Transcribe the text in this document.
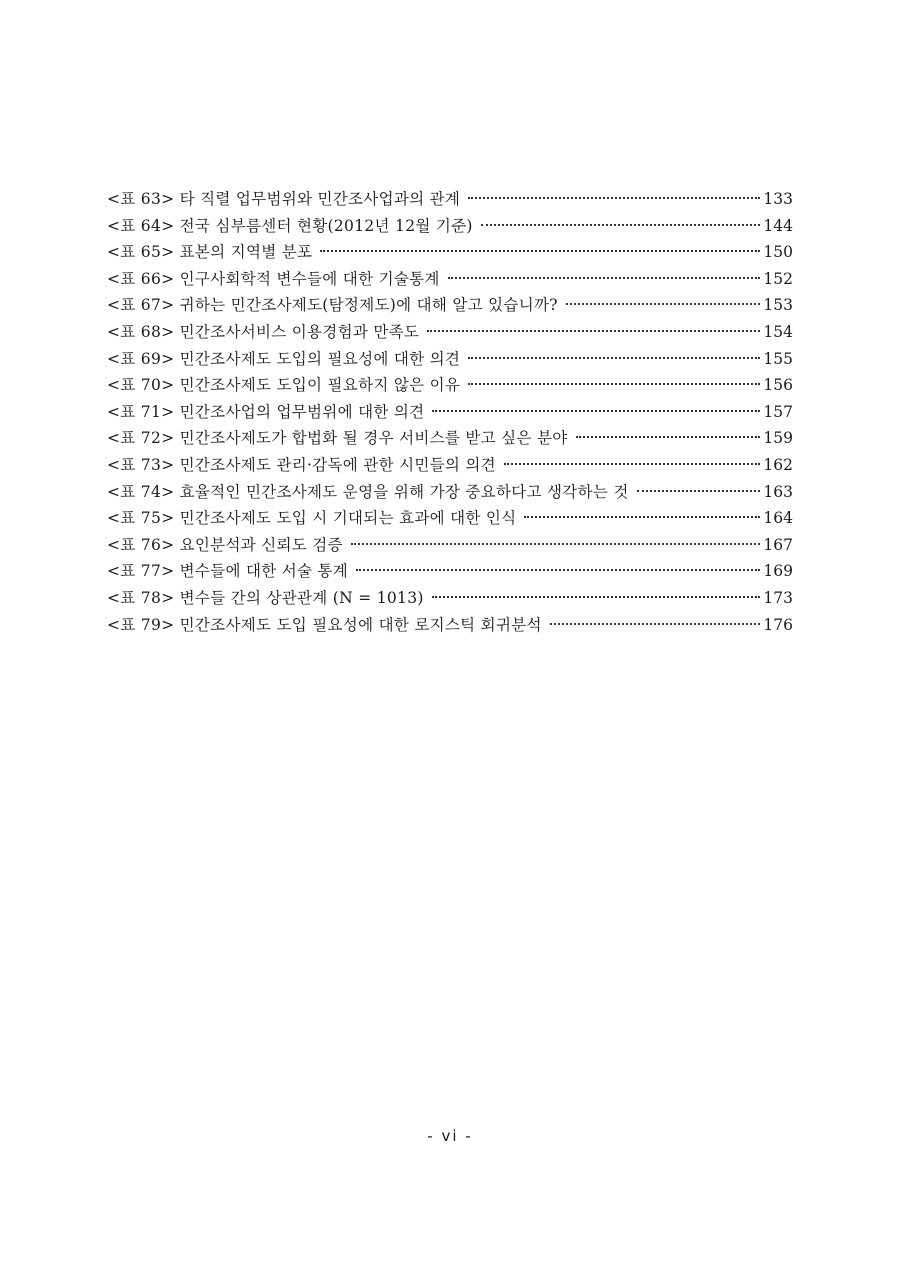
<표 63> 타 직렬 업무범위와 민간조사업과의 관계	133
<표 64> 전국 심부름센터 현황(2012년 12월 기준)	144
<표 65> 표본의 지역별 분포	150
<표 66> 인구사회학적 변수들에 대한 기술통계	152
<표 67> 귀하는 민간조사제도(탐정제도)에 대해 알고 있습니까?	153
<표 68> 민간조사서비스 이용경험과 만족도	154
<표 69> 민간조사제도 도입의 필요성에 대한 의견	155
<표 70> 민간조사제도 도입이 필요하지 않은 이유	156
<표 71> 민간조사업의 업무범위에 대한 의견	157
<표 72> 민간조사제도가 합법화 될 경우 서비스를 받고 싶은 분야	159
<표 73> 민간조사제도 관리·감독에 관한 시민들의 의견	162
<표 74> 효율적인 민간조사제도 운영을 위해 가장 중요하다고 생각하는 것	163
<표 75> 민간조사제도 도입 시 기대되는 효과에 대한 인식	164
<표 76> 요인분석과 신뢰도 검증	167
<표 77> 변수들에 대한 서술 통계	169
<표 78> 변수들 간의 상관관계 (N = 1013)	173
<표 79> 민간조사제도 도입 필요성에 대한 로지스틱 회귀분석	176
- vi -
